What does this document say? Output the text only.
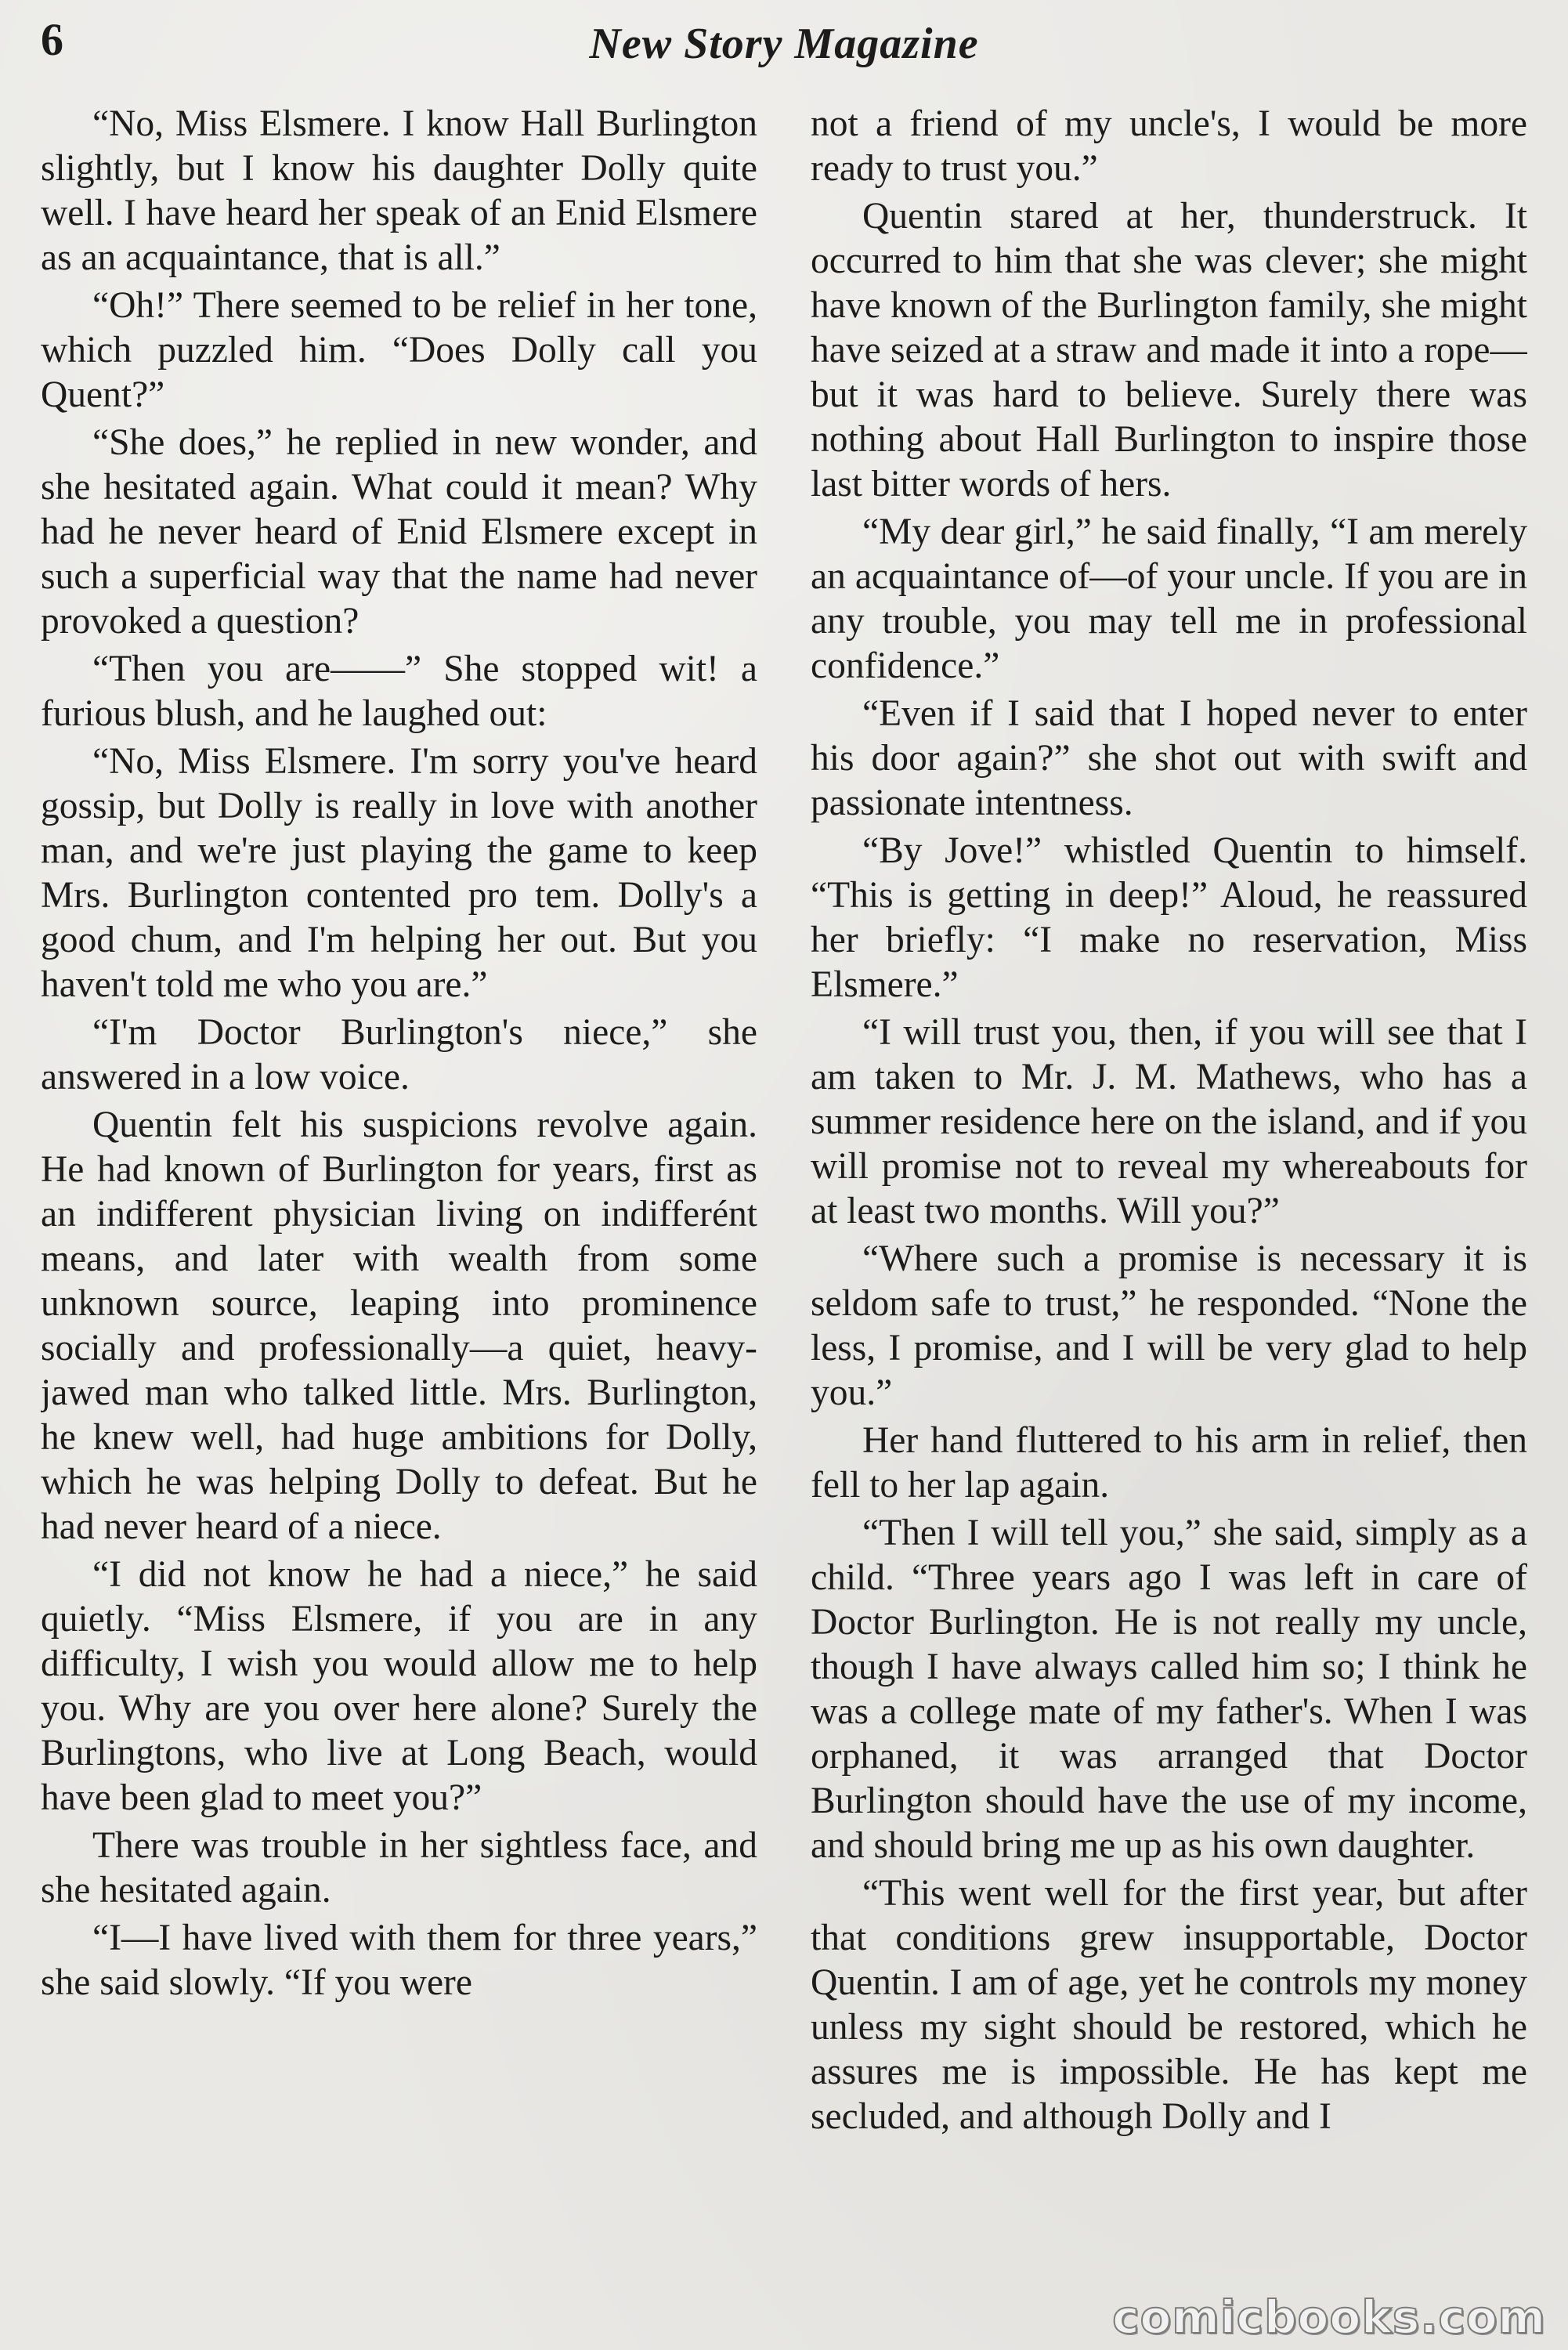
6	New Story Magazine

“No, Miss Elsmere. I know Hall Burlington slightly, but I know his daughter Dolly quite well. I have heard her speak of an Enid Elsmere as an acquaintance, that is all.”

“Oh!” There seemed to be relief in her tone, which puzzled him. “Does Dolly call you Quent?”

“She does,” he replied in new wonder, and she hesitated again. What could it mean? Why had he never heard of Enid Elsmere except in such a superficial way that the name had never provoked a question?

“Then you are——” She stopped wit! a furious blush, and he laughed out:

“No, Miss Elsmere. I'm sorry you've heard gossip, but Dolly is really in love with another man, and we're just playing the game to keep Mrs. Burlington contented pro tem. Dolly's a good chum, and I'm helping her out. But you haven't told me who you are.”

“I'm Doctor Burlington's niece,” she answered in a low voice.

Quentin felt his suspicions revolve again. He had known of Burlington for years, first as an indifferent physician living on indifferént means, and later with wealth from some unknown source, leaping into prominence socially and professionally—a quiet, heavy-jawed man who talked little. Mrs. Burlington, he knew well, had huge ambitions for Dolly, which he was helping Dolly to defeat. But he had never heard of a niece.

“I did not know he had a niece,” he said quietly. “Miss Elsmere, if you are in any difficulty, I wish you would allow me to help you. Why are you over here alone? Surely the Burlingtons, who live at Long Beach, would have been glad to meet you?”

There was trouble in her sightless face, and she hesitated again.

“I—I have lived with them for three years,” she said slowly. “If you were

not a friend of my uncle's, I would be more ready to trust you.”

Quentin stared at her, thunderstruck. It occurred to him that she was clever; she might have known of the Burlington family, she might have seized at a straw and made it into a rope—but it was hard to believe. Surely there was nothing about Hall Burlington to inspire those last bitter words of hers.

“My dear girl,” he said finally, “I am merely an acquaintance of—of your uncle. If you are in any trouble, you may tell me in professional confidence.”

“Even if I said that I hoped never to enter his door again?” she shot out with swift and passionate intentness.

“By Jove!” whistled Quentin to himself. “This is getting in deep!” Aloud, he reassured her briefly: “I make no reservation, Miss Elsmere.”

“I will trust you, then, if you will see that I am taken to Mr. J. M. Mathews, who has a summer residence here on the island, and if you will promise not to reveal my whereabouts for at least two months. Will you?”

“Where such a promise is necessary it is seldom safe to trust,” he responded. “None the less, I promise, and I will be very glad to help you.”

Her hand fluttered to his arm in relief, then fell to her lap again.

“Then I will tell you,” she said, simply as a child. “Three years ago I was left in care of Doctor Burlington. He is not really my uncle, though I have always called him so; I think he was a college mate of my father's. When I was orphaned, it was arranged that Doctor Burlington should have the use of my income, and should bring me up as his own daughter.

“This went well for the first year, but after that conditions grew insupportable, Doctor Quentin. I am of age, yet he controls my money unless my sight should be restored, which he assures me is impossible. He has kept me secluded, and although Dolly and I

comicbooks.com
